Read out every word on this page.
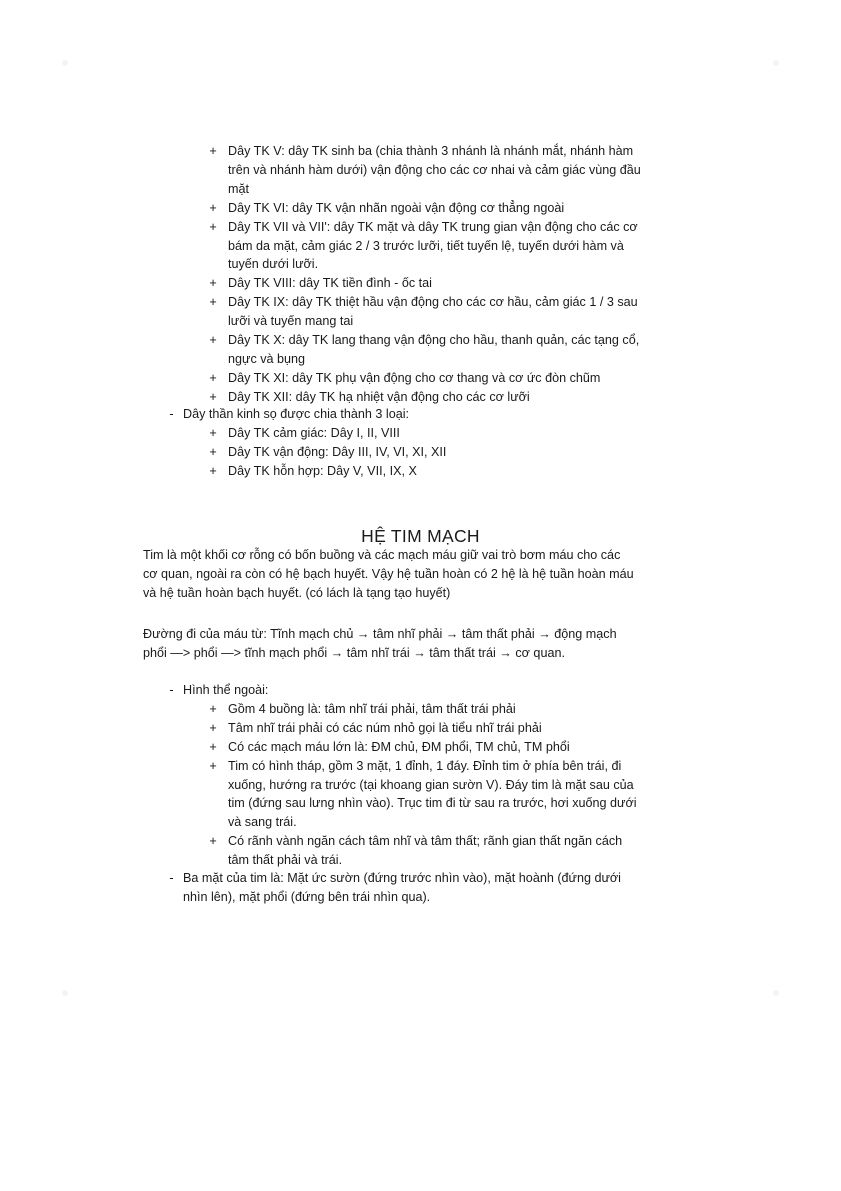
+ Dây TK V: dây TK sinh ba (chia thành 3 nhánh là nhánh mắt, nhánh hàm
trên và nhánh hàm dưới) vận động cho các cơ nhai và cảm giác vùng đầu
mặt
+ Dây TK VI: dây TK vận nhãn ngoài vận động cơ thẳng ngoài
+ Dây TK VII và VII': dây TK mặt và dây TK trung gian vận động cho các cơ
bám da mặt, cảm giác 2 / 3 trước lưỡi, tiết tuyến lệ, tuyến dưới hàm và
tuyến dưới lưỡi.
+ Dây TK VIII: dây TK tiền đình - ốc tai
+ Dây TK IX: dây TK thiệt hầu vận động cho các cơ hầu, cảm giác 1 / 3 sau
lưỡi và tuyến mang tai
+ Dây TK X: dây TK lang thang vận động cho hầu, thanh quản, các tạng cổ,
ngực và bụng
+ Dây TK XI: dây TK phụ vận động cho cơ thang và cơ ức đòn chũm
+ Dây TK XII: dây TK hạ nhiệt vận động cho các cơ lưỡi
- Dây thần kinh sọ được chia thành 3 loại:
+ Dây TK cảm giác: Dây I, II, VIII
+ Dây TK vận động: Dây III, IV, VI, XI, XII
+ Dây TK hỗn hợp: Dây V, VII, IX, X
HỆ TIM MẠCH
Tim là một khối cơ rỗng có bốn buồng và các mạch máu giữ vai trò bơm máu cho các
cơ quan, ngoài ra còn có hệ bạch huyết. Vậy hệ tuần hoàn có 2 hệ là hệ tuần hoàn máu
và hệ tuần hoàn bạch huyết. (có lách là tạng tạo huyết)
Đường đi của máu từ: Tĩnh mạch chủ → tâm nhĩ phải → tâm thất phải → động mạch
phổi —> phổi —> tĩnh mạch phổi → tâm nhĩ trái → tâm thất trái → cơ quan.
- Hình thể ngoài:
+ Gồm 4 buồng là: tâm nhĩ trái phải, tâm thất trái phải
+ Tâm nhĩ trái phải có các núm nhỏ gọi là tiểu nhĩ trái phải
+ Có các mạch máu lớn là: ĐM chủ, ĐM phổi, TM chủ, TM phổi
+ Tim có hình tháp, gồm 3 mặt, 1 đỉnh, 1 đáy. Đỉnh tim ở phía bên trái, đi
xuống, hướng ra trước (tại khoang gian sườn V). Đáy tim là mặt sau của
tim (đứng sau lưng nhìn vào). Trục tim đi từ sau ra trước, hơi xuống dưới
và sang trái.
+ Có rãnh vành ngăn cách tâm nhĩ và tâm thất; rãnh gian thất ngăn cách
tâm thất phải và trái.
- Ba mặt của tim là: Mặt ức sườn (đứng trước nhìn vào), mặt hoành (đứng dưới
nhìn lên), mặt phổi (đứng bên trái nhìn qua).
